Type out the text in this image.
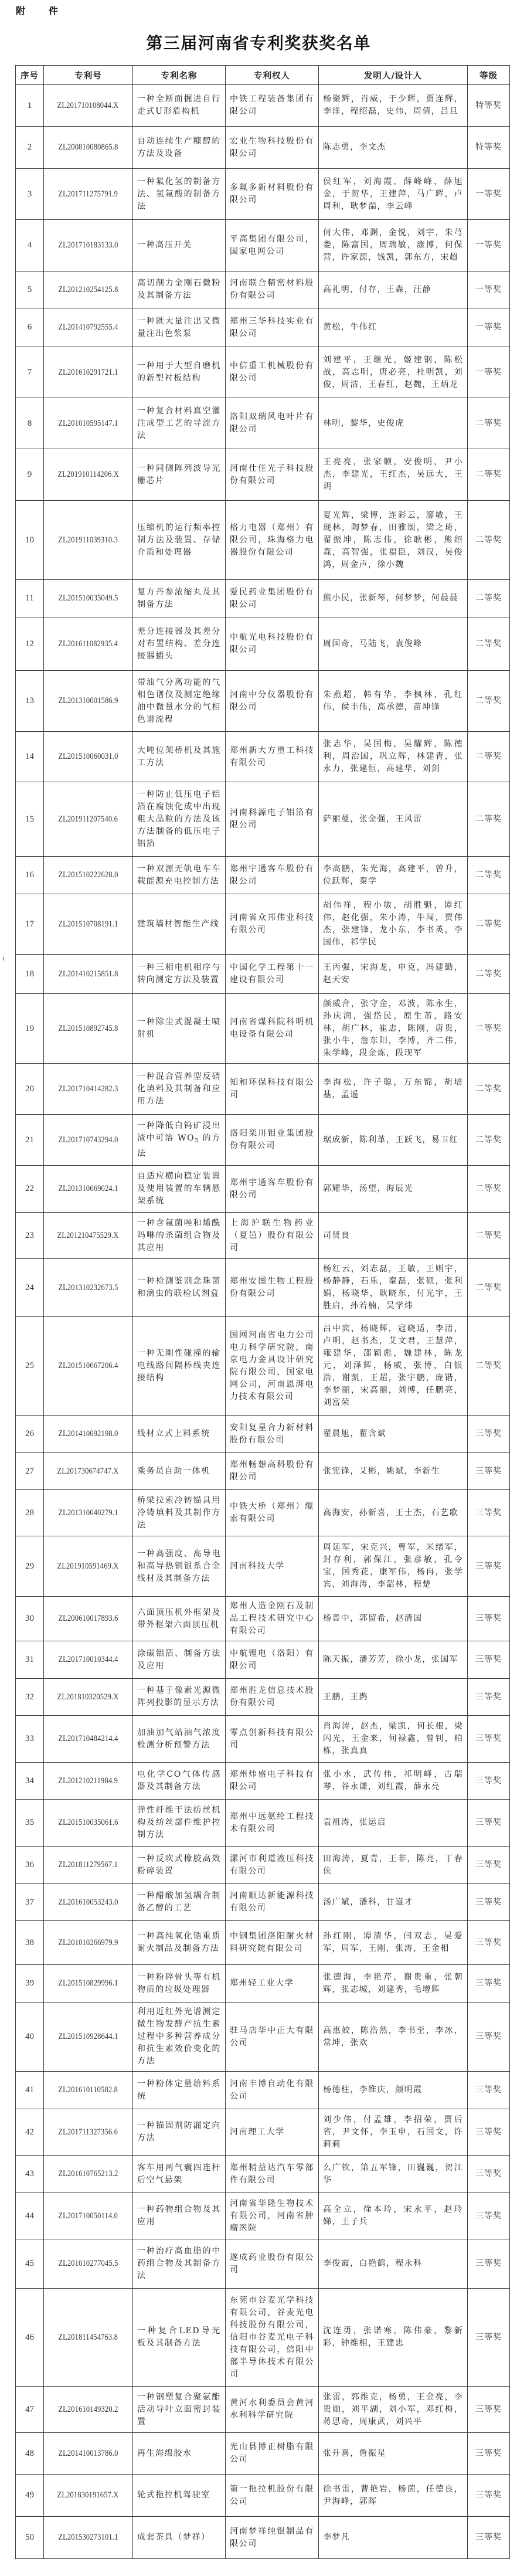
附　件
第三届河南省专利奖获奖名单
序号	专利号	专利名称	专利权人	发明人/设计人	等级
1	ZL201710108044.X	一种全断面掘进自行走式U形盾构机	中铁工程装备集团有限公司	杨聚辉，肖威，于少辉，贾连辉，李洋，程绍磊，史伟，周倩，吕旦	特等奖
2	ZL200810080865.8	自动连续生产糠醇的方法及设备	宏业生物科技股份有限公司	陈志勇，李文杰	特等奖
3	ZL201711275791.9	一种氟化氢的制备方法、氢氟酸的制备方法	多氟多新材料股份有限公司	侯红军，刘海霞，薛峰峰，薛旭金，于贺华，王建萍，马广辉，卢周利，耿梦湍，李云峰	一等奖
4	ZL201710183133.0	一种高压开关	平高集团有限公司，国家电网公司	何大伟，邓渊，金悦，刘宇，朱芎娄，陈富国，周瑞敏，康博，何保营，许家源，钱凯，郭东方，宋超	一等奖
5	ZL201210254125.8	高切削力金刚石微粉及其制备方法	河南联合精密材料股份有限公司	高礼明，付存，王森，汪静	一等奖
6	ZL201410792555.4	一种既大量注出又微量注出色浆泵	郑州三华科技实业有限公司	黄松，牛伟红	一等奖
7	ZL201610291721.1	一种用于大型自磨机的新型衬板结构	中信重工机械股份有限公司	刘建平，王继光，姬建钢，陈松战，高志明，唐必亮，杜明凯，刘俊，周洁，王春红，赵魏，王炳龙	一等奖
8	ZL201010595147.1	一种复合材料真空灌注成型工艺的导流方法	洛阳双瑞风电叶片有限公司	林明，黎华，史俊虎	二等奖
9	ZL201910114206.X	一种同侧阵列波导光栅芯片	河南仕佳光子科技股份有限公司	王亮亮，张家顺，安俊明，尹小杰，李建光，王红杰，吴远大，王玥	二等奖
10	ZL201911039310.3	压缩机的运行频率控制方法及装置、存储介质和处理器	格力电器（郑州）有限公司，珠海格力电器股份有限公司	夏光辉，梁博，连彩云，廖敏，王现林，陶梦春，田雅颂，梁之琦，翟振坤，陈志伟，徐耿彬，熊绍森，高智强，张福臣，刘汉，吴俊鸿，周金声，徐小魏	二等奖
11	ZL201510035049.5	复方丹参浓缩丸及其制备方法	爱民药业集团股份有限公司	熊小民，张新琴，何梦梦，何晨晨	二等奖
12	ZL201611082935.4	差分连接器及其差分对布置结构、差分连接器插头	中航光电科技股份有限公司	周国奇，马陆飞，袁俊峰	二等奖
13	ZL201310001586.9	带油气分离功能的气相色谱仪及测定绝缘油中微量水分的气相色谱流程	河南中分仪器股份有限公司	朱燕超，韩有华，李枫林，孔红伟，侯丰伟，高承德，苗坤锋	二等奖
14	ZL201510060031.0	大吨位架桥机及其施工方法	郑州新大方重工科技有限公司	张志华，吴国梅，吴耀辉，陈德利，周治国，巩立辉，林建青，张永力，张建恒，高建华，刘剑	二等奖
15	ZL201911207540.6	一种防止低压电子铝箔在腐蚀化成中出现粗大晶粒的方法及该方法制备的低压电子铝箔	河南科源电子铝箔有限公司	萨丽曼，张金强，王风雷	二等奖
16	ZL201510222628.0	一种双源无轨电车车载能源充电控制方法	郑州宇通客车股份有限公司	李高鹏，朱光海，高建平，曾升，位跃辉，秦学	二等奖
17	ZL201510708191.1	建筑墙材智能生产线	河南省众邦伟业科技有限公司	胡伟祥，程小敏，胡胜魁，谭红伟，赵化强，朱小涛，牛闯，贾伟杰，张建锋，龙小东，李书英，李国伟，祁学民	二等奖
18	ZL201410215851.8	一种三相电机相序与转向测定方法及装置	中国化学工程第十一建设有限公司	王丙强，宋海龙，申克，冯建勤，赵天安	二等奖
19	ZL201510892745.8	一种除尘式混凝土喷射机	河南省煤科院科明机电设备有限公司	颜威合，张守金，邓波，陈永生，孙庆润，强岱民，原生芾，路安林，胡广林，崔忠，陈刚，唐贵，张小牛，詹东阳，李博，齐二伟，朱学峰，段金炼，段现军	二等奖
20	ZL201710414282.3	一种混合营养型反硝化填料及其制备和应用方法	知和环保科技有限公司	李海松，许子聪，万东锦，胡培基，孟遥	二等奖
21	ZL201710743294.0	一种降低白钨矿浸出渣中可溶 $WO_3$ 的方法	洛阳栾川钼业集团股份有限公司	琚成新，陈利革，王跃飞，易卫红	二等奖
22	ZL201310669024.1	自适应横向稳定装置及使用装置的车辆悬架系统	郑州宇通客车股份有限公司	郭耀华，汤望，海辰光	二等奖
23	ZL201210475529.X	一种含氟菌唑和烯酰吗啉的杀菌组合物及其应用	上海沪联生物药业（夏邑）股份有限公司	司贤良	二等奖
24	ZL201310232673.5	一种检测鉴别念珠菌和滴虫的联检试剂盒	郑州安图生物工程股份有限公司	杨红云，刘志磊，王敏，王则宇，杨静静，石乐，秦磊，张硕，张利娟，杨晓华，耿晓东，付光宇，王胜启，孙若楠，吴学炜	二等奖
25	ZL201510667206.4	一种无刚性碰撞的输电线路间隔棒线夹连接结构	国网河南省电力公司电力科学研究院，南京电力金具设计研究院有限公司，国家电网公司，河南恩湃电力技术有限公司	吕中宾，杨晓辉，寇晓适，李清，卢明，赵书杰，艾文君，王慧萍，雍建华，邵颖彪，魏建林，陈龙元，刘泽辉，杨威，张博，白银浩，谢凯，王超，张宇鹏，庞锴，李梦丽，宋高丽，刘博，任鹏亮，刘富荣	二等奖
26	ZL201410092198.0	线材立式上料系统	安阳复星合力新材料股份有限公司	翟晨旭，翟含斌	三等奖
27	ZL201730674747.X	乘务员自助一体机	郑州畅想高科股份有限公司	张宪锋，艾彬，姚斌，李新生	三等奖
28	ZL201310040279.1	桥梁拉索冷铸锚具用冷铸填料及其制作方法	中铁大桥（郑州）缆索有限公司	高海安，孙新喜，王士杰，石艺歌	三等奖
29	ZL201910591469.X	一种高强度、高导电和高导热铜银系合金线材及其制备方法	河南科技大学	周延军，宋克兴，曹军，米绪军，封存利，郭保江，张彦敏，孔令宝，国秀花，康军伟，杨冉，张学宾，刘海涛，李韶林，程楚	三等奖
30	ZL200610017893.6	六面顶压机外框架及带外框架六面顶压机	郑州人造金刚石及制品工程技术研究中心有限公司	杨晋中，郭留希，赵清国	三等奖
31	ZL201710010344.4	涂碳铝箔、制备方法及应用	中航锂电（洛阳）有限公司	陈天振，潘芳芳，徐小龙，张国军	三等奖
32	ZL201810320529.X	一种基于像素光源微阵列投影的显示方法	郑州胜龙信息技术股份有限公司	王鹏，王鹍	三等奖
33	ZL201710484214.4	加油加气站油气浓度检测分析预警方法	零点创新科技有限公司	肖海涛，赵杰，梁凯，何长根，梁闪光，王金来，何禄鑫，曾钊，柏栋，张真真	三等奖
34	ZL201210211984.9	电化学CO气体传感器及其制备方法	郑州炜盛电子科技有限公司	张小水，武传伟，祁明峰，古瑞琴，谷永谦，刘红霞，薛永亮	三等奖
35	ZL201510035061.6	弹性纤维干法纺丝机构及纺丝部件维护控制方法	郑州中远氨纶工程技术有限公司	袁祖涛，张运启	三等奖
36	ZL201811279567.1	一种反吹式橡胶高效粉碎装置	漯河市利道液压科技有限公司	田海涛，夏青，王非，陈亮，丁春侠	三等奖
37	ZL201610053243.0	一种醋酸加氢耦合制备乙醇的工艺	河南顺达新能源科技有限公司	汤广斌，潘科，甘道才	三等奖
38	ZL201010266979.9	一种高纯氧化锆重质耐火制品及制备方法	中钢集团洛阳耐火材料研究院有限公司	孙红刚，谭清华，闫双志，吴爱军，周军，王刚，张涛，王金相	三等奖
39	ZL201510829996.1	一种粉碎骨头等有机物质的垃圾处理器	郑州轻工业大学	张德海，李艳芹，谢贵重，张朝辉，张志城，刘建秀，毛增辉	三等奖
40	ZL201510928644.1	利用近红外光谱测定微生物发酵产抗生素过程中多种营养成分和抗生素效价变化的方法	驻马店华中正大有限公司	高惠姣，陈浩然，李书至，李冰，常坤，张欢	三等奖
41	ZL201610110582.8	一种粉体定量给料系统	河南丰博自动化有限公司	杨德柱，李维庆，颜明霞	三等奖
42	ZL201711327356.6	一种锚固剂防漏定向方法	河南理工大学	刘少伟，付孟雄，李招荣，贾后省，尹文怀，李玉申，石国文，许莉莉	三等奖
43	ZL201610765213.2	客车用两气囊四连杆后空气悬架	郑州精益达汽车零部件有限公司	么广钦，第五军锋，田巍巍，贺江华	三等奖
44	ZL201710050114.0	一种药物组合物及其应用	河南省华隆生物技术有限公司，河南省肿瘤医院	高全立，徐本玲，宋永平，赵玲娣，王子兵	三等奖
45	ZL201010277045.5	一种治疗高血脂的中药组合物及其制备方法	遂成药业股份有限公司	李俊霞，白艳鹤，程永科	三等奖
46	ZL201811454763.8	一种复合LED导光板及其制备方法	东莞市谷麦光学科技有限公司，谷麦光电科技股份有限公司，信阳市谷麦光电子科技有限公司，信阳中部半导体技术有限公司	沈连勇，张诺寒，陈伟豪，黎新彩，钟维相，王建忠	三等奖
47	ZL201610149320.2	一种钢塑复合聚氨酯活动导叶立面密封装置	黄河水利委员会黄河水利科学研究院	张雷，郭维克，杨勇，王金亮，李贵勋，刘平湖，刘小军，邓红梅，蒋思奇，周康武，刘兴平	三等奖
48	ZL201410013786.0	再生海绵胶水	光山县博正树脂有限公司	张升喜，詹振星	三等奖
49	ZL201830191657.X	轮式拖拉机驾驶室	第一拖拉机股份有限公司	徐书雷，曹艳岩，杨茵，任德良，尹海峰，郭晖	三等奖
50	ZL201530273101.1	成套茶具（梦祥）	河南梦祥纯银制品有限公司	李梦凡	三等奖
